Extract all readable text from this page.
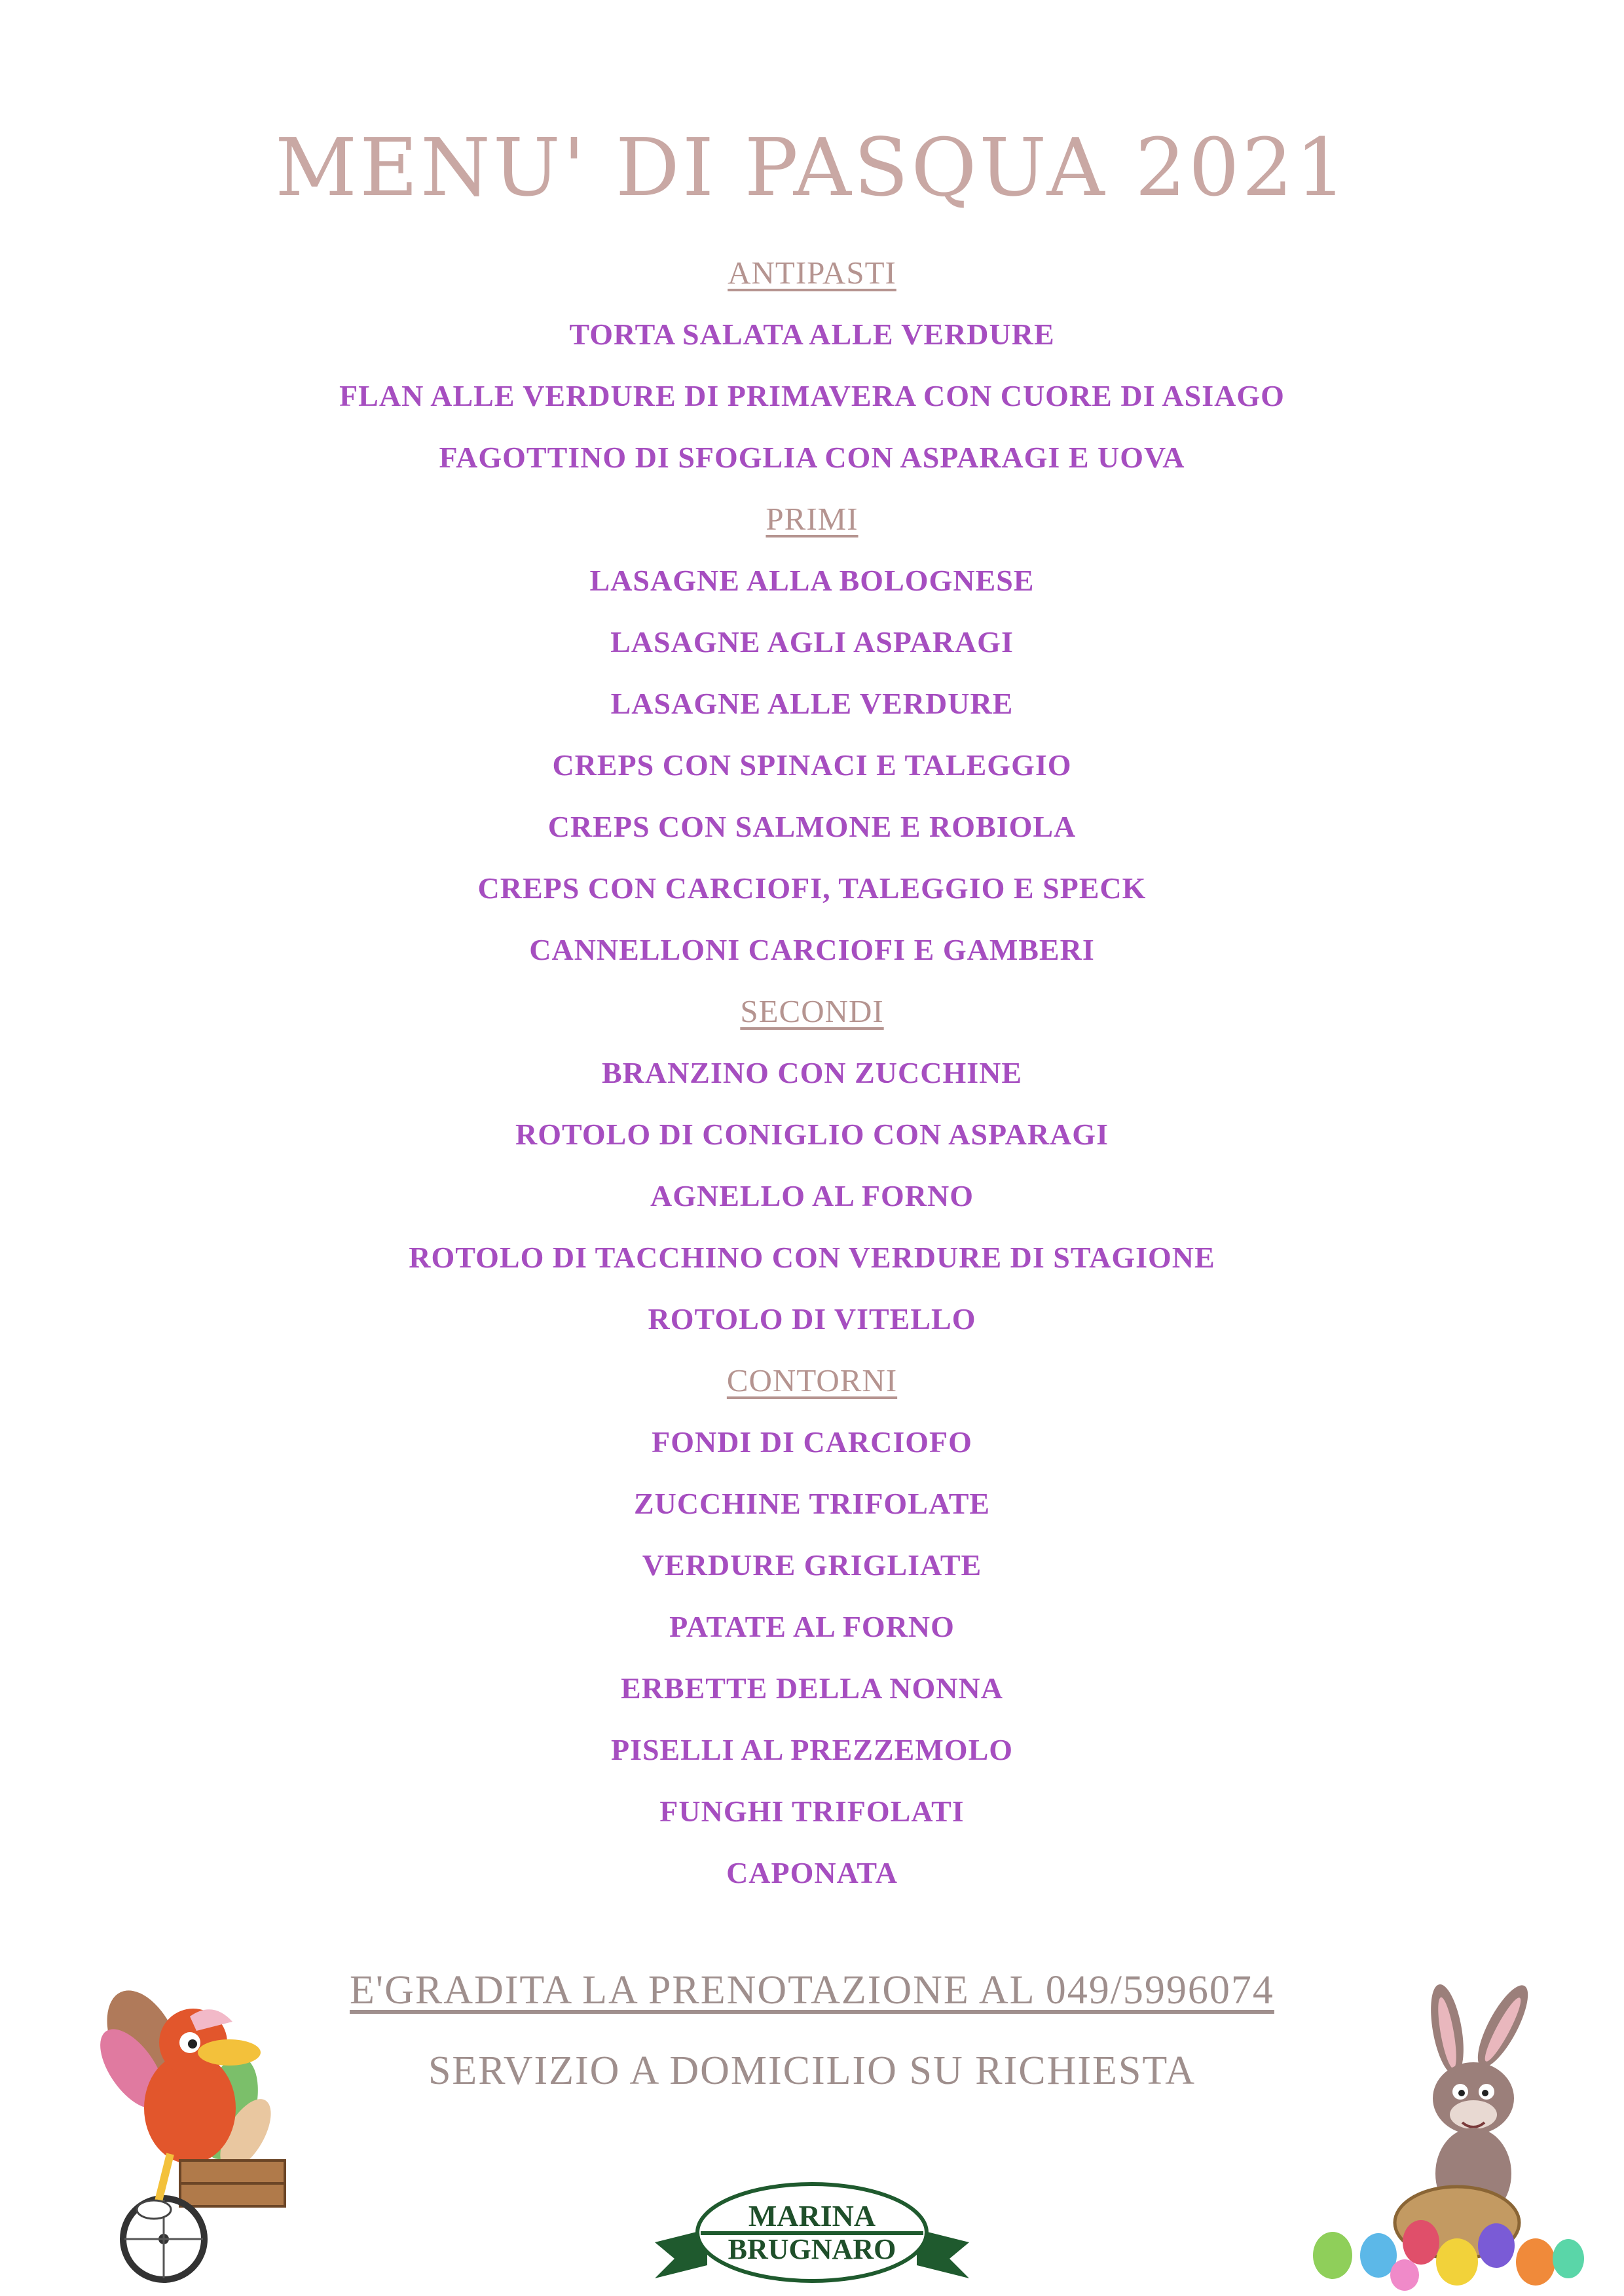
MENU' DI PASQUA 2021
ANTIPASTI
TORTA SALATA ALLE VERDURE
FLAN ALLE VERDURE DI PRIMAVERA CON CUORE DI ASIAGO
FAGOTTINO DI SFOGLIA CON ASPARAGI E UOVA
PRIMI
LASAGNE ALLA BOLOGNESE
LASAGNE AGLI ASPARAGI
LASAGNE ALLE VERDURE
CREPS CON SPINACI E TALEGGIO
CREPS CON SALMONE E ROBIOLA
CREPS CON CARCIOFI, TALEGGIO E SPECK
CANNELLONI CARCIOFI E GAMBERI
SECONDI
BRANZINO CON ZUCCHINE
ROTOLO DI CONIGLIO CON ASPARAGI
AGNELLO AL FORNO
ROTOLO DI TACCHINO CON VERDURE DI STAGIONE
ROTOLO DI VITELLO
CONTORNI
FONDI DI CARCIOFO
ZUCCHINE TRIFOLATE
VERDURE GRIGLIATE
PATATE AL FORNO
ERBETTE DELLA NONNA
PISELLI AL PREZZEMOLO
FUNGHI TRIFOLATI
CAPONATA
E'GRADITA LA PRENOTAZIONE AL 049/5996074
SERVIZIO A DOMICILIO SU RICHIESTA
MARINA
BRUGNARO
